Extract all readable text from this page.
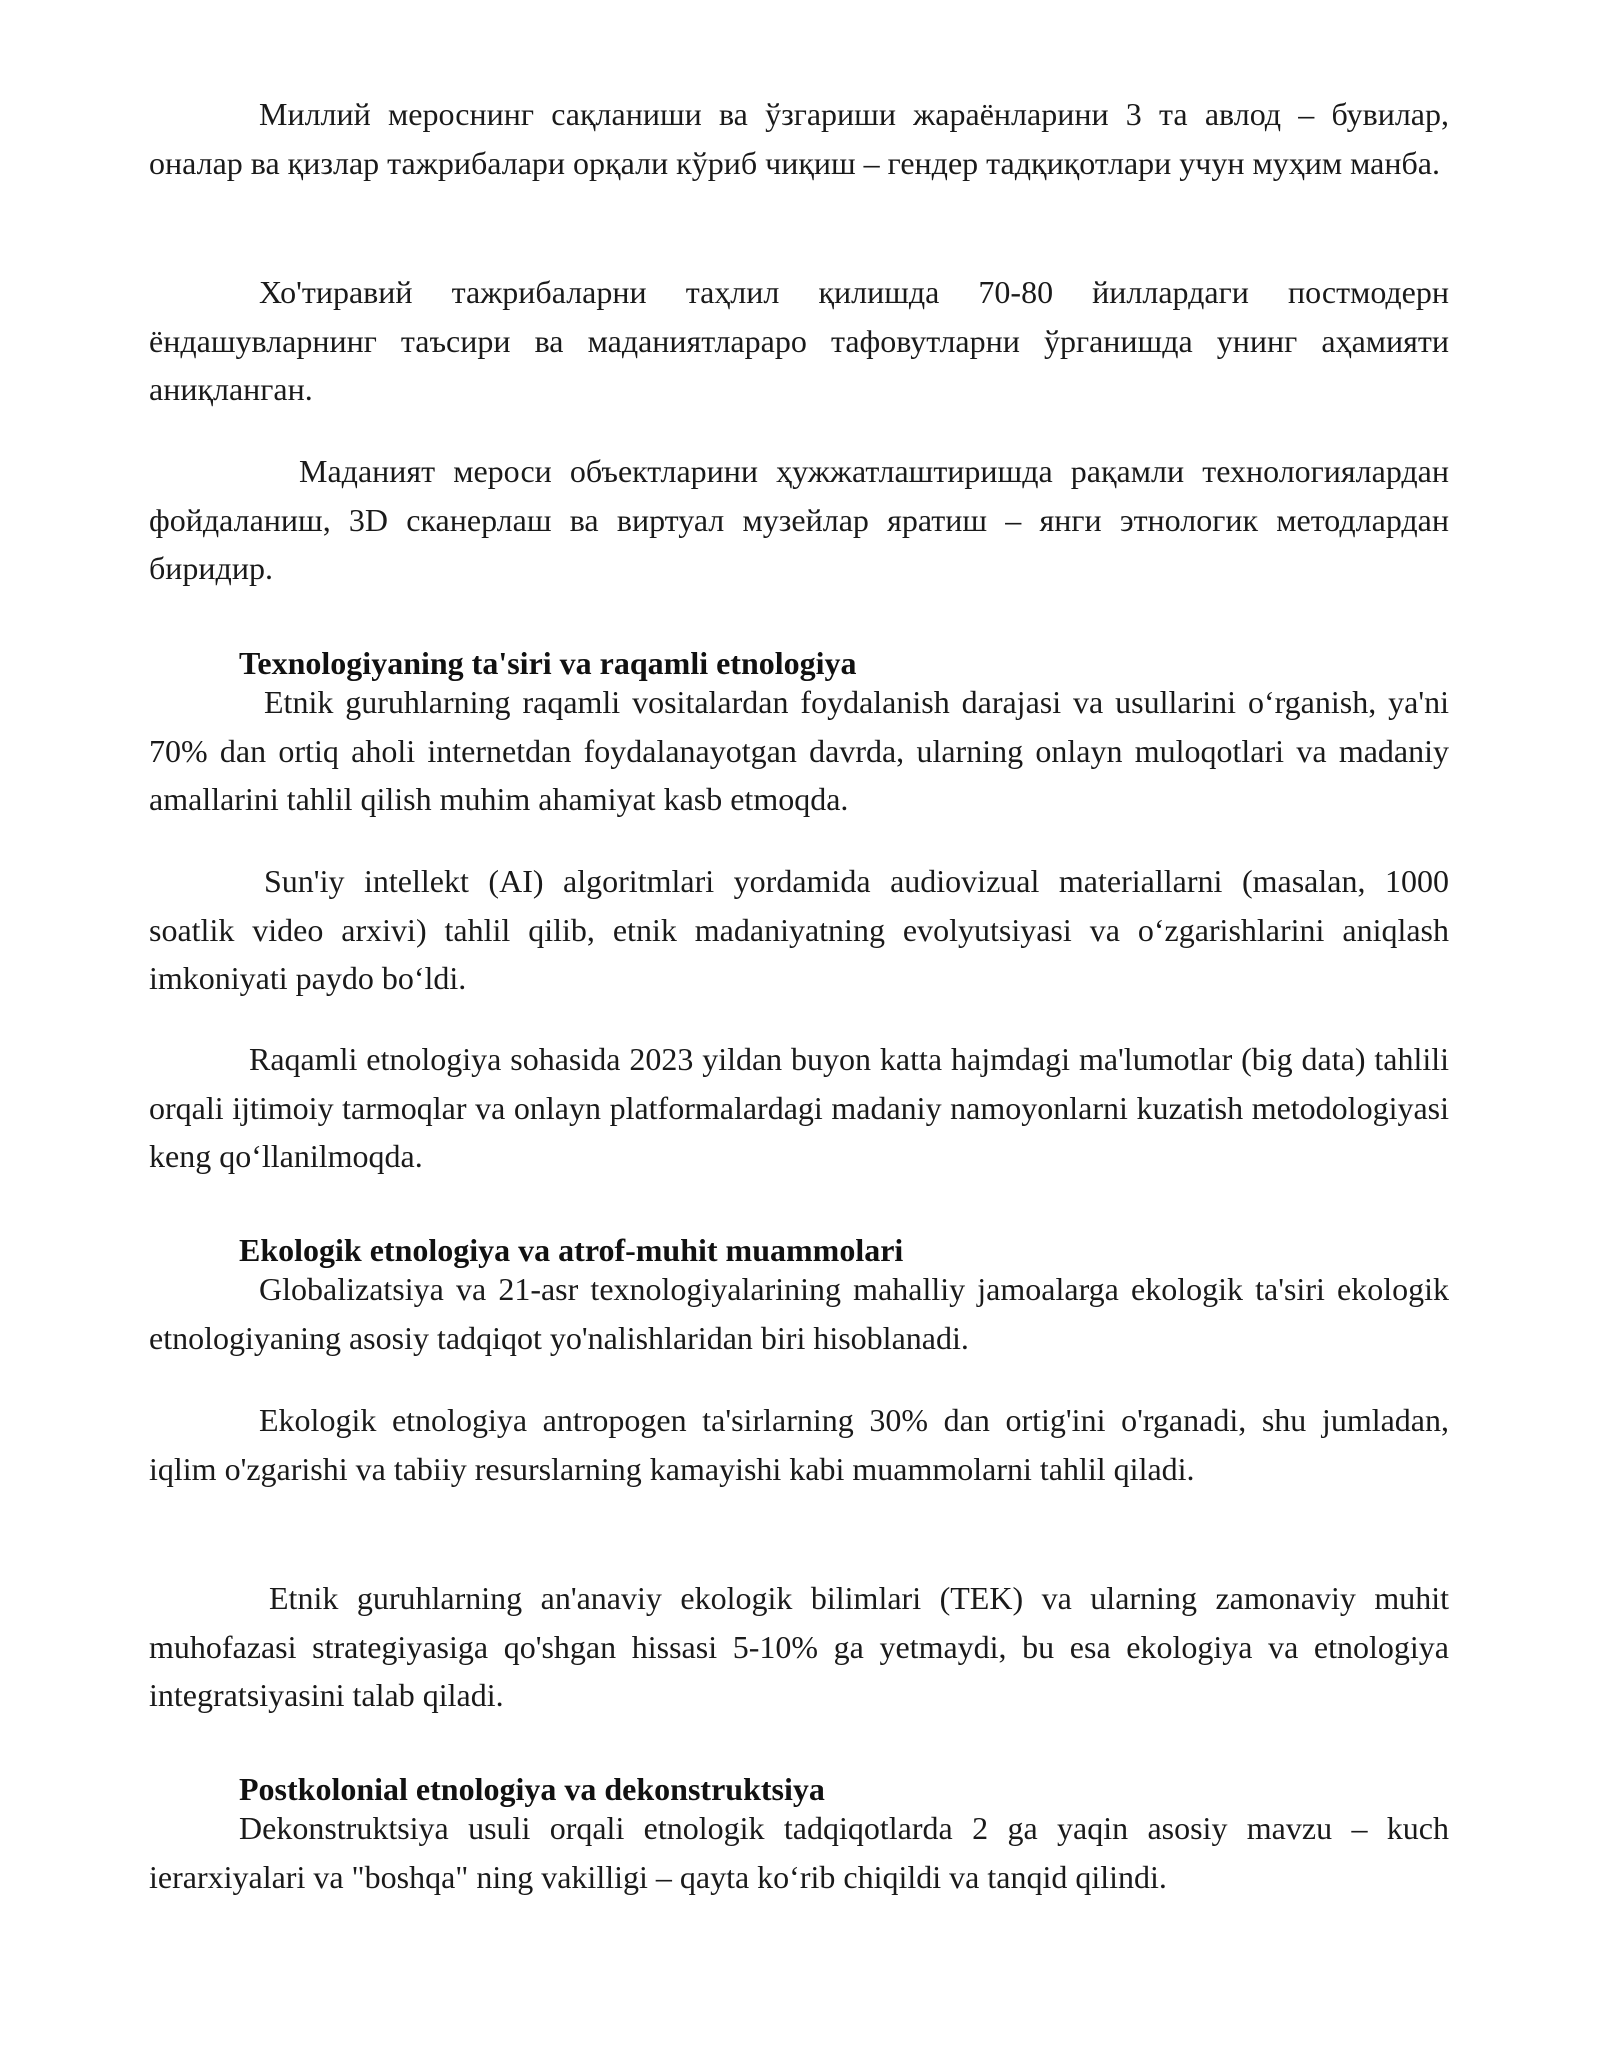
Миллий мероснинг сақланиши ва ўзгариши жараёнларини 3 та авлод – бувилар, оналар ва қизлар тажрибалари орқали кўриб чиқиш – гендер тадқиқотлари учун муҳим манба.

Хо'тиравий тажрибаларни таҳлил қилишда 70-80 йиллардаги постмодерн ёндашувларнинг таъсири ва маданиятлараро тафовутларни ўрганишда унинг аҳамияти аниқланган.

Маданият мероси объектларини ҳужжатлаштиришда рақамли технологиялардан фойдаланиш, 3D сканерлаш ва виртуал музейлар яратиш – янги этнологик методлардан биридир.

Texnologiyaning ta'siri va raqamli etnologiya

Etnik guruhlarning raqamli vositalardan foydalanish darajasi va usullarini oʻrganish, ya'ni 70% dan ortiq aholi internetdan foydalanayotgan davrda, ularning onlayn muloqotlari va madaniy amallarini tahlil qilish muhim ahamiyat kasb etmoqda.

Sun'iy intellekt (AI) algoritmlari yordamida audiovizual materiallarni (masalan, 1000 soatlik video arxivi) tahlil qilib, etnik madaniyatning evolyutsiyasi va oʻzgarishlarini aniqlash imkoniyati paydo boʻldi.

Raqamli etnologiya sohasida 2023 yildan buyon katta hajmdagi ma'lumotlar (big data) tahlili orqali ijtimoiy tarmoqlar va onlayn platformalardagi madaniy namoyonlarni kuzatish metodologiyasi keng qoʻllanilmoqda.

Ekologik etnologiya va atrof-muhit muammolari

Globalizatsiya va 21-asr texnologiyalarining mahalliy jamoalarga ekologik ta'siri ekologik etnologiyaning asosiy tadqiqot yo'nalishlaridan biri hisoblanadi.

Ekologik etnologiya antropogen ta'sirlarning 30% dan ortig'ini o'rganadi, shu jumladan, iqlim o'zgarishi va tabiiy resurslarning kamayishi kabi muammolarni tahlil qiladi.

Etnik guruhlarning an'anaviy ekologik bilimlari (TEK) va ularning zamonaviy muhit muhofazasi strategiyasiga qo'shgan hissasi 5-10% ga yetmaydi, bu esa ekologiya va etnologiya integratsiyasini talab qiladi.

Postkolonial etnologiya va dekonstruktsiya

Dekonstruktsiya usuli orqali etnologik tadqiqotlarda 2 ga yaqin asosiy mavzu – kuch ierarxiyalari va "boshqa" ning vakilligi – qayta koʻrib chiqildi va tanqid qilindi.
